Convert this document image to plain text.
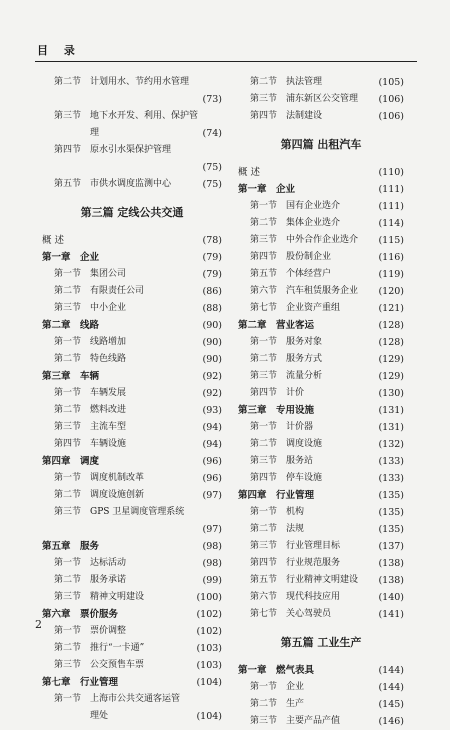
目 录
第二节 计划用水、节约用水管理
(73)
第三节 地下水开发、利用、保护管
理	(74)
第四节 原水引水渠保护管理
(75)
第五节 市供水调度监测中心	(75)
第三篇 定线公共交通
概 述	(78)
第一章 企业	(79)
第一节 集团公司	(79)
第二节 有限责任公司	(86)
第三节 中小企业	(88)
第二章 线路	(90)
第一节 线路增加	(90)
第二节 特色线路	(90)
第三章 车辆	(92)
第一节 车辆发展	(92)
第二节 燃料改进	(93)
第三节 主流车型	(94)
第四节 车辆设施	(94)
第四章 调度	(96)
第一节 调度机制改革	(96)
第二节 调度设施创新	(97)
第三节 GPS 卫星调度管理系统
(97)
第五章 服务	(98)
第一节 达标活动	(98)
第二节 服务承诺	(99)
第三节 精神文明建设	(100)
第六章 票价服务	(102)
第一节 票价调整	(102)
第二节 推行“一卡通”	(103)
第三节 公交预售车票	(103)
第七章 行业管理	(104)
第一节 上海市公共交通客运管
理处	(104)
第二节 执法管理	(105)
第三节 浦东新区公交管理	(106)
第四节 法制建设	(106)
第四篇 出租汽车
概 述	(110)
第一章 企业	(111)
第一节 国有企业选介	(111)
第二节 集体企业选介	(114)
第三节 中外合作企业选介	(115)
第四节 股份制企业	(116)
第五节 个体经营户	(119)
第六节 汽车租赁服务企业	(120)
第七节 企业资产重组	(121)
第二章 营业客运	(128)
第一节 服务对象	(128)
第二节 服务方式	(129)
第三节 流量分析	(129)
第四节 计价	(130)
第三章 专用设施	(131)
第一节 计价器	(131)
第二节 调度设施	(132)
第三节 服务站	(133)
第四节 停车设施	(133)
第四章 行业管理	(135)
第一节 机构	(135)
第二节 法规	(135)
第三节 行业管理目标	(137)
第四节 行业规范服务	(138)
第五节 行业精神文明建设	(138)
第六节 现代科技应用	(140)
第七节 关心驾驶员	(141)
第五篇 工业生产
第一章 燃气表具	(144)
第一节 企业	(144)
第二节 生产	(145)
第三节 主要产品产值	(146)
2
